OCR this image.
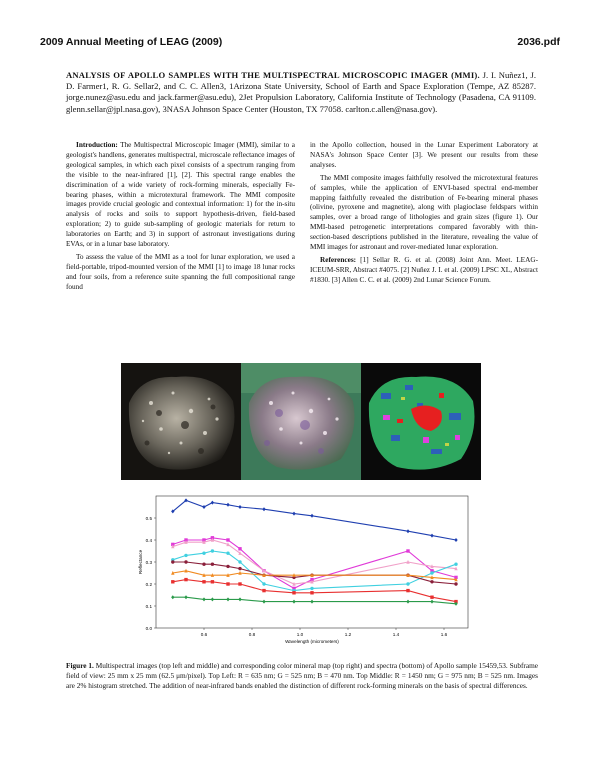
2009 Annual Meeting of LEAG (2009)	2036.pdf
ANALYSIS OF APOLLO SAMPLES WITH THE MULTISPECTRAL MICROSCOPIC IMAGER (MMI). J. I. Nuñez1, J. D. Farmer1, R. G. Sellar2, and C. C. Allen3, 1Arizona State University, School of Earth and Space Exploration (Tempe, AZ 85287. jorge.nunez@asu.edu and jack.farmer@asu.edu), 2Jet Propulsion Laboratory, California Institute of Technology (Pasadena, CA 91109. glenn.sellar@jpl.nasa.gov), 3NASA Johnson Space Center (Houston, TX 77058. carlton.c.allen@nasa.gov).

Introduction: The Multispectral Microscopic Imager (MMI), similar to a geologist's handlens, generates multispectral, microscale reflectance images of geological samples, in which each pixel consists of a spectrum ranging from the visible to the near-infrared [1], [2]. This spectral range enables the discrimination of a wide variety of rock-forming minerals, especially Fe-bearing phases, within a microtextural framework. The MMI composite images provide crucial geologic and contextual information: 1) for the in-situ analysis of rocks and soils to support hypothesis-driven, field-based exploration; 2) to guide sub-sampling of geologic materials for return to laboratories on Earth; and 3) in support of astronaut investigations during EVAs, or in a lunar base laboratory.

To assess the value of the MMI as a tool for lunar exploration, we used a field-portable, tripod-mounted version of the MMI [1] to image 18 lunar rocks and four soils, from a reference suite spanning the full compositional range found

in the Apollo collection, housed in the Lunar Experiment Laboratory at NASA's Johnson Space Center [3]. We present our results from these analyses.

The MMI composite images faithfully resolved the microtextural features of samples, while the application of ENVI-based spectral end-member mapping faithfully revealed the distribution of Fe-bearing mineral phases (olivine, pyroxene and magnetite), along with plagioclase feldspars within samples, over a broad range of lithologies and grain sizes (figure 1). Our MMI-based petrogenetic interpretations compared favorably with thin-section-based descriptions published in the literature, revealing the value of MMI images for astronaut and rover-mediated lunar exploration.

References: [1] Sellar R. G. et al. (2008) Joint Ann. Meet. LEAG-ICEUM-SRR, Abstract #4075. [2] Nuñez J. I. et al. (2009) LPSC XL, Abstract #1830. [3] Allen C. C. et al. (2009) 2nd Lunar Science Forum.

0.0
0.1
0.2
0.3
0.4
0.5
0.6	0.8	1.0	1.2	1.4	1.6
Wavelength (micrometers)
Reflectance
Figure 1. Multispectral images (top left and middle) and corresponding color mineral map (top right) and spectra (bottom) of Apollo sample 15459,53. Subframe field of view: 25 mm x 25 mm (62.5 μm/pixel). Top Left: R = 635 nm; G = 525 nm; B = 470 nm. Top Middle: R = 1450 nm; G = 975 nm; B = 525 nm. Images are 2% histogram stretched. The addition of near-infrared bands enabled the distinction of different rock-forming minerals on the basis of spectral differences.
